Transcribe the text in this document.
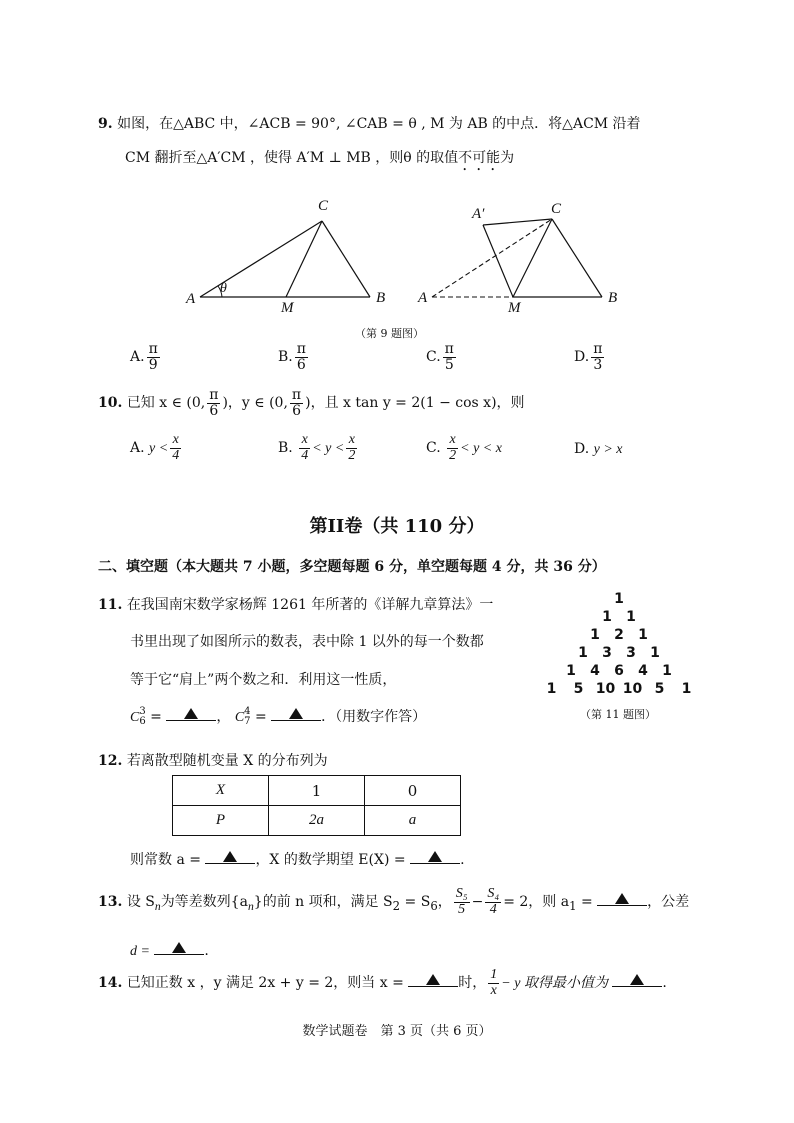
9. 如图，在△ABC 中，∠ACB = 90°, ∠CAB = θ , M 为 AB 的中点．将△ACM 沿着
CM 翻折至△A′CM ，使得 A′M ⊥ MB ，则θ 的取值不可能为
A
θ
M
B
C	A′	C
A
M
B
（第 9 题图）
A. $\frac{\pi}{9}$	B. $\frac{\pi}{6}$	C. $\frac{\pi}{5}$	D. $\frac{\pi}{3}$
10. 已知 x ∈ (0, $\frac{\pi}{6}$ )，y ∈ (0, $\frac{\pi}{6}$ )，且 x tan y = 2(1 − cos x)，则
A. $y < \frac{x}{4}$	B. $\frac{x}{4} < y < \frac{x}{2}$	C. $\frac{x}{2} < y < x$	D. y > x
第II卷（共 110 分）
二、填空题（本大题共 7 小题，多空题每题 6 分，单空题每题 4 分，共 36 分）
11. 在我国南宋数学家杨辉 1261 年所著的《详解九章算法》一
书里出现了如图所示的数表，表中除 1 以外的每一个数都
等于它“肩上”两个数之和．利用这一性质，
C 3
6 =	， C 4
7 =	．（用数字作答）
1
1 1
1 2 1
1 3 3 1
1 4 6 4 1
1 5 10 10 5 1
（第 11 题图）
12. 若离散型随机变量 X 的分布列为
X	1	0
P	2a	a
则常数 a =	，X 的数学期望 E(X) =	.
13. 设 $S_n$为等差数列$\{a_n\}$的前 n 项和，满足 $S_2 = S_6$， $\frac{\text{S₅}}{5} - \frac{\text{S₄}}{4} = 2$，则 $a_1$ =	，公差
d =	.
14. 已知正数 x ，y 满足 2x + y = 2，则当 x =	时， $\frac{1}{x} - y$ 取得最小值为	.
数学试题卷　第 3 页（共 6 页）
